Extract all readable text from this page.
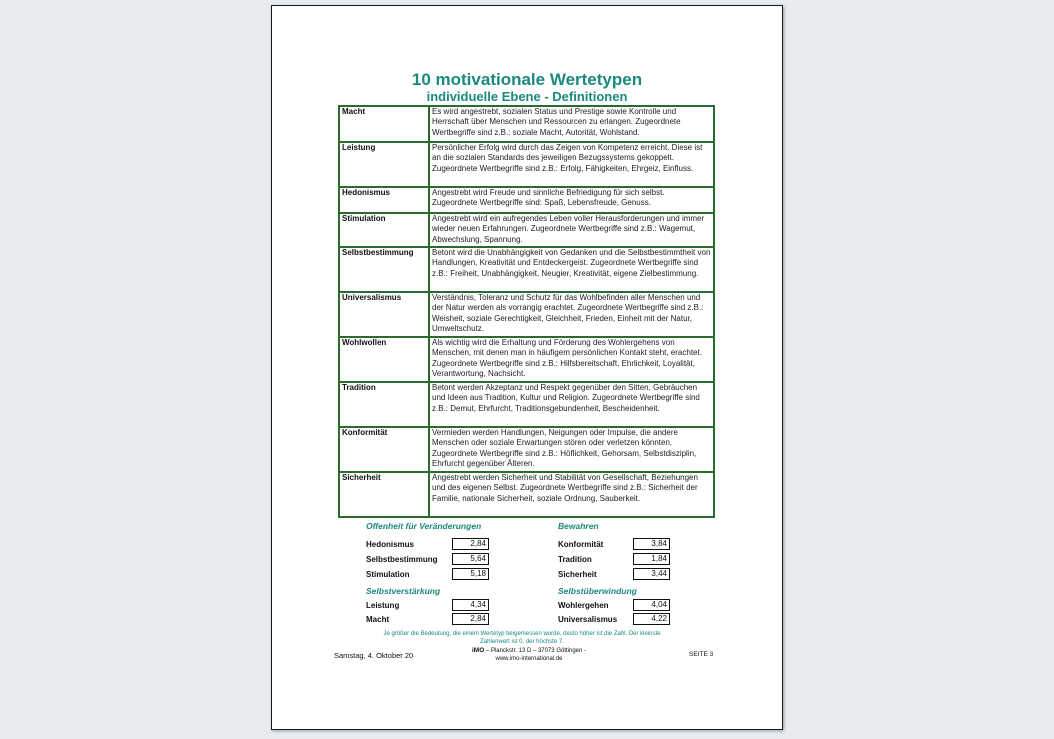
10 motivationale Wertetypen
individuelle Ebene - Definitionen
Macht	Es wird angestrebt, sozialen Status und Prestige sowie Kontrolle und Herrschaft über Menschen und Ressourcen zu erlangen. Zugeordnete Wertbegriffe sind z.B.: soziale Macht, Autorität, Wohlstand.
Leistung	Persönlicher Erfolg wird durch das Zeigen von Kompetenz erreicht. Diese ist an die sozialen Standards des jeweiligen Bezugssystems gekoppelt. Zugeordnete Wertbegriffe sind z.B.: Erfolg, Fähigkeiten, Ehrgeiz, Einfluss.
Hedonismus	Angestrebt wird Freude und sinnliche Befriedigung für sich selbst. Zugeordnete Wertbegriffe sind: Spaß, Lebensfreude, Genuss.
Stimulation	Angestrebt wird ein aufregendes Leben voller Herausforderungen und immer wieder neuen Erfahrungen. Zugeordnete Wertbegriffe sind z.B.: Wagemut, Abwechslung, Spannung.
Selbstbestimmung	Betont wird die Unabhängigkeit von Gedanken und die Selbstbestimmtheit von Handlungen, Kreativität und Entdeckergeist. Zugeordnete Wertbegriffe sind z.B.: Freiheit, Unabhängigkeit, Neugier, Kreativität, eigene Zielbestimmung.
Universalismus	Verständnis, Toleranz und Schutz für das Wohlbefinden aller Menschen und der Natur werden als vorrangig erachtet. Zugeordnete Wertbegriffe sind z.B.: Weisheit, soziale Gerechtigkeit, Gleichheit, Frieden, Einheit mit der Natur, Umweltschutz.
Wohlwollen	Als wichtig wird die Erhaltung und Förderung des Wohlergehens von Menschen, mit denen man in häufigem persönlichen Kontakt steht, erachtet. Zugeordnete Wertbegriffe sind z.B.: Hilfsbereitschaft, Ehrlichkeit, Loyalität, Verantwortung, Nachsicht.
Tradition	Betont werden Akzeptanz und Respekt gegenüber den Sitten, Gebräuchen und Ideen aus Tradition, Kultur und Religion. Zugeordnete Wertbegriffe sind z.B.: Demut, Ehrfurcht, Traditionsgebundenheit, Bescheidenheit.
Konformität	Vermieden werden Handlungen, Neigungen oder Impulse, die andere Menschen oder soziale Erwartungen stören oder verletzen könnten. Zugeordnete Wertbegriffe sind z.B.: Höflichkeit, Gehorsam, Selbstdisziplin, Ehrfurcht gegenüber Älteren.
Sicherheit	Angestrebt werden Sicherheit und Stabilität von Gesellschaft, Beziehungen und des eigenen Selbst. Zugeordnete Wertbegriffe sind z.B.: Sicherheit der Familie, nationale Sicherheit, soziale Ordnung, Sauberkeit.
Offenheit für Veränderungen
Hedonismus	2,84
Selbstbestimmung	5,64
Stimulation	5,18
Bewahren
Konformität	3,84
Tradition	1,84
Sicherheit	3,44
Selbstverstärkung
Leistung	4,34
Macht	2,84
Selbstüberwindung
Wohlergehen	4,04
Universalismus	4,22
Je größer die Bedeutung, die einem Wertetyp beigemessen wurde, desto höher ist die Zahl. Der kleinste
Zahlenwert ist 0, der höchste 7.
Samstag, 4. Oktober 20
iMO – Planckstr. 13 D – 37073 Göttingen -
www.imo-international.de
SEITE 3
